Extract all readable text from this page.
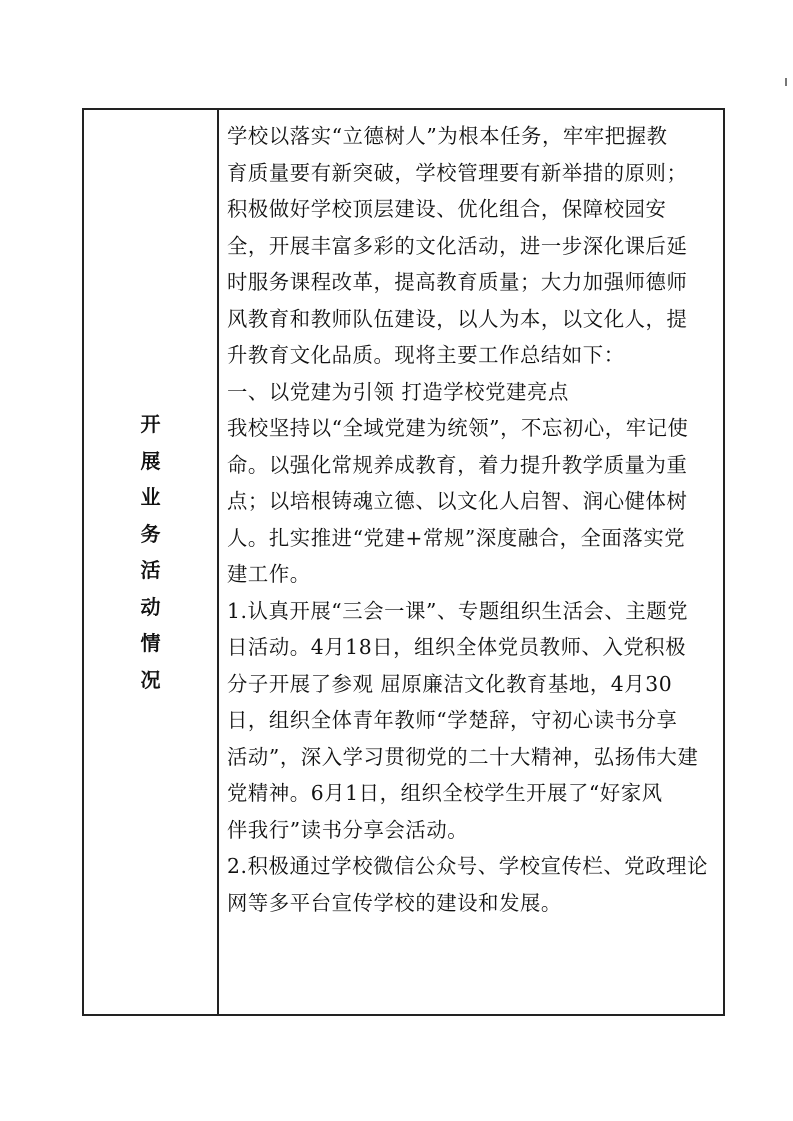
开
展
业
务
活
动
情
况
学校以落实“立德树人”为根本任务，牢牢把握教
育质量要有新突破，学校管理要有新举措的原则；
积极做好学校顶层建设、优化组合，保障校园安
全，开展丰富多彩的文化活动，进一步深化课后延
时服务课程改革，提高教育质量；大力加强师德师
风教育和教师队伍建设，以人为本，以文化人，提
升教育文化品质。现将主要工作总结如下：
一、以党建为引领 打造学校党建亮点
我校坚持以“全域党建为统领”，不忘初心，牢记使
命。以强化常规养成教育，着力提升教学质量为重
点；以培根铸魂立德、以文化人启智、润心健体树
人。扎实推进“党建+常规”深度融合，全面落实党
建工作。
1.认真开展“三会一课”、专题组织生活会、主题党
日活动。4月18日，组织全体党员教师、入党积极
分子开展了参观 屈原廉洁文化教育基地，4月30
日，组织全体青年教师“学楚辞，守初心读书分享
活动”，深入学习贯彻党的二十大精神，弘扬伟大建
党精神。6月1日，组织全校学生开展了“好家风
伴我行”读书分享会活动。
2.积极通过学校微信公众号、学校宣传栏、党政理论
网等多平台宣传学校的建设和发展。
